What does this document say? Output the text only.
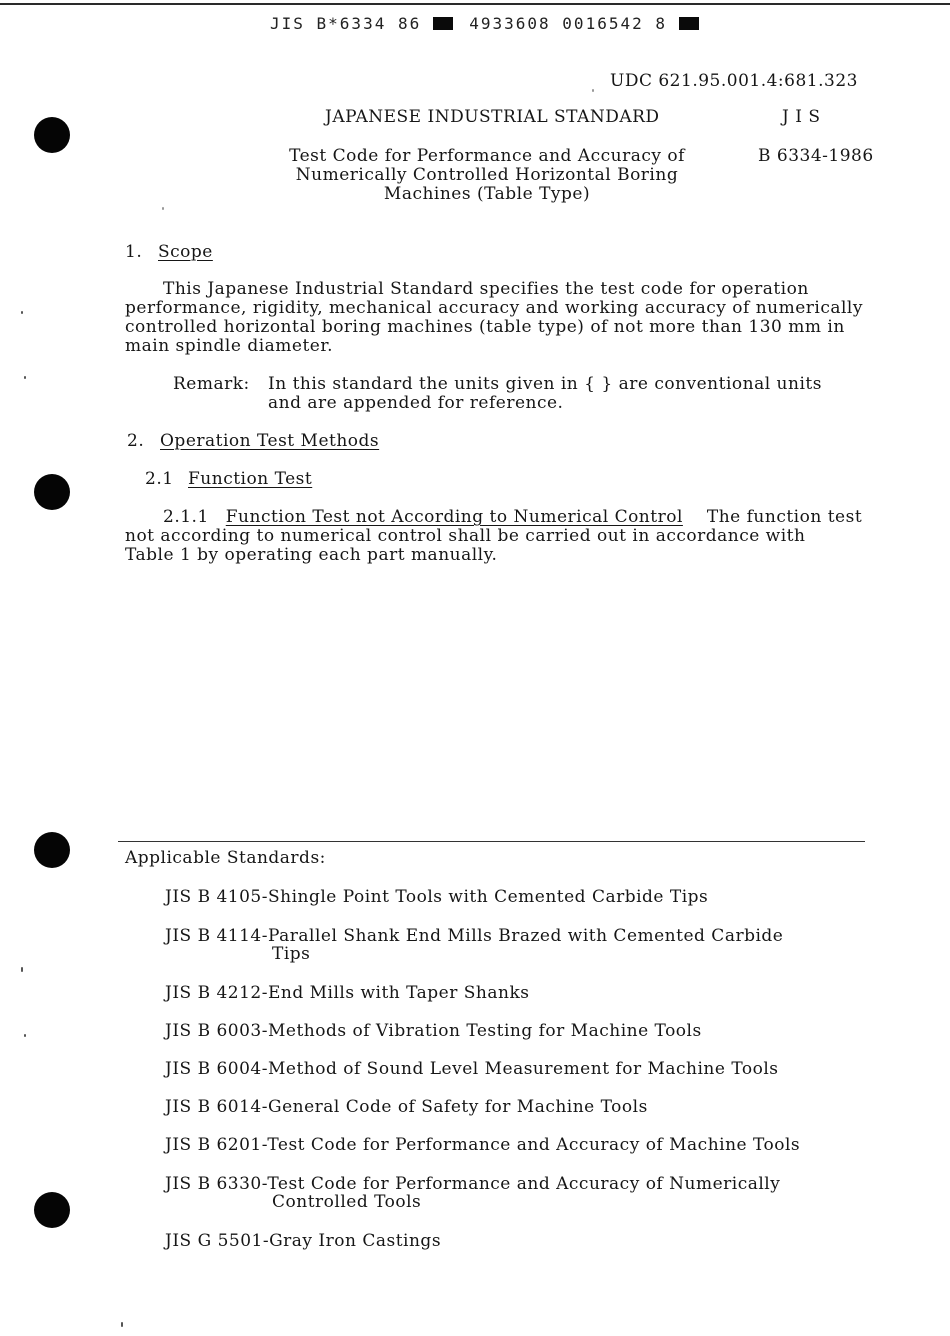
JIS B*6334 86	4933608 0016542 8
UDC 621.95.001.4:681.323
JAPANESE INDUSTRIAL STANDARD	J I S
Test Code for Performance and Accuracy of
Numerically Controlled Horizontal Boring
Machines (Table Type)
B 6334-1986
1. Scope
This Japanese Industrial Standard specifies the test code for operation
performance, rigidity, mechanical accuracy and working accuracy of numerically
controlled horizontal boring machines (table type) of not more than 130 mm in
main spindle diameter.
Remark: In this standard the units given in { } are conventional units
and are appended for reference.
2. Operation Test Methods
2.1 Function Test
2.1.1 Function Test not According to Numerical Control The function test
not according to numerical control shall be carried out in accordance with
Table 1 by operating each part manually.
Applicable Standards:
JIS B 4105-Shingle Point Tools with Cemented Carbide Tips
JIS B 4114-Parallel Shank End Mills Brazed with Cemented Carbide
Tips
JIS B 4212-End Mills with Taper Shanks
JIS B 6003-Methods of Vibration Testing for Machine Tools
JIS B 6004-Method of Sound Level Measurement for Machine Tools
JIS B 6014-General Code of Safety for Machine Tools
JIS B 6201-Test Code for Performance and Accuracy of Machine Tools
JIS B 6330-Test Code for Performance and Accuracy of Numerically
Controlled Tools
JIS G 5501-Gray Iron Castings
